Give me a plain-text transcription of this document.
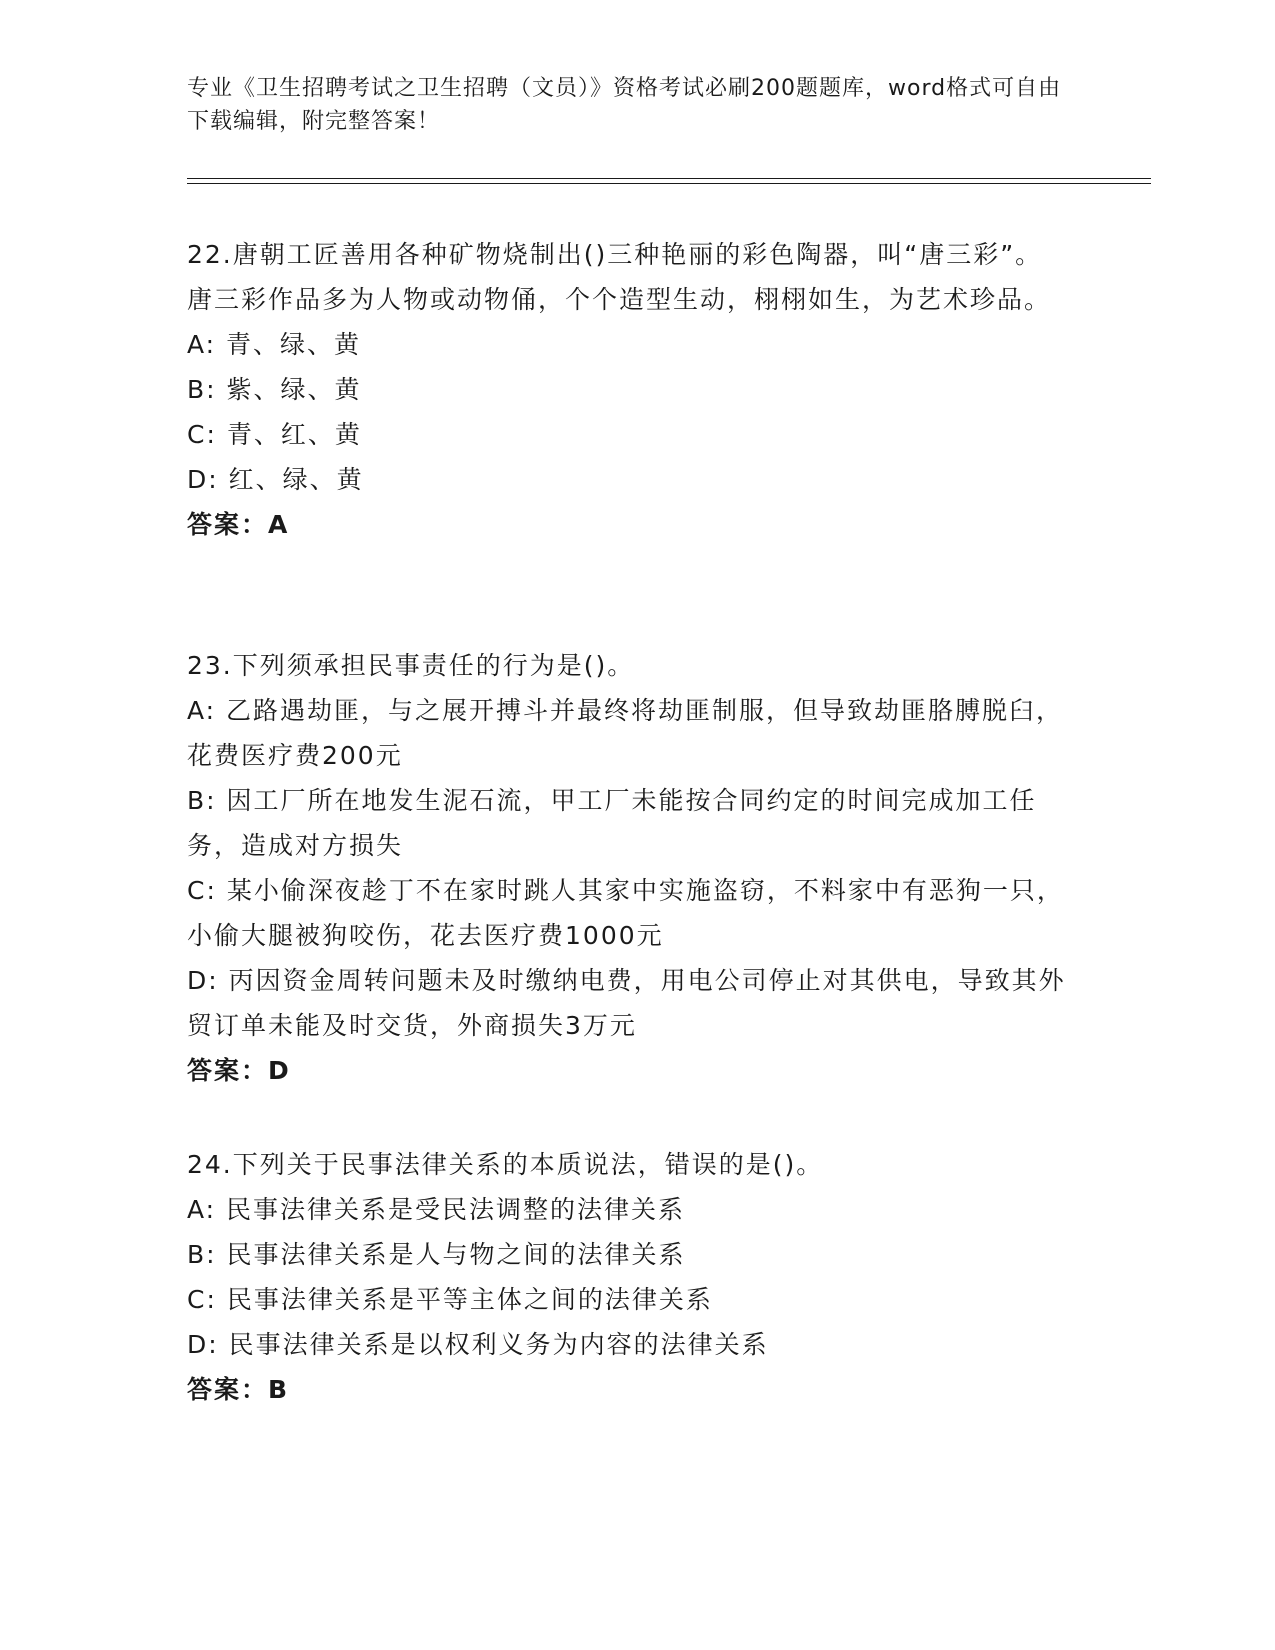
专业《卫生招聘考试之卫生招聘（文员）》资格考试必刷200题题库，word格式可自由下载编辑，附完整答案！

22.唐朝工匠善用各种矿物烧制出()三种艳丽的彩色陶器，叫“唐三彩”。唐三彩作品多为人物或动物俑，个个造型生动，栩栩如生，为艺术珍品。

A: 青、绿、黄

B: 紫、绿、黄

C: 青、红、黄

D: 红、绿、黄

答案：A

23.下列须承担民事责任的行为是()。

A: 乙路遇劫匪，与之展开搏斗并最终将劫匪制服，但导致劫匪胳膊脱臼，花费医疗费200元

B: 因工厂所在地发生泥石流，甲工厂未能按合同约定的时间完成加工任务，造成对方损失

C: 某小偷深夜趁丁不在家时跳人其家中实施盗窃，不料家中有恶狗一只，小偷大腿被狗咬伤，花去医疗费1000元

D: 丙因资金周转问题未及时缴纳电费，用电公司停止对其供电，导致其外贸订单未能及时交货，外商损失3万元

答案：D

24.下列关于民事法律关系的本质说法，错误的是()。

A: 民事法律关系是受民法调整的法律关系

B: 民事法律关系是人与物之间的法律关系

C: 民事法律关系是平等主体之间的法律关系

D: 民事法律关系是以权利义务为内容的法律关系

答案：B
